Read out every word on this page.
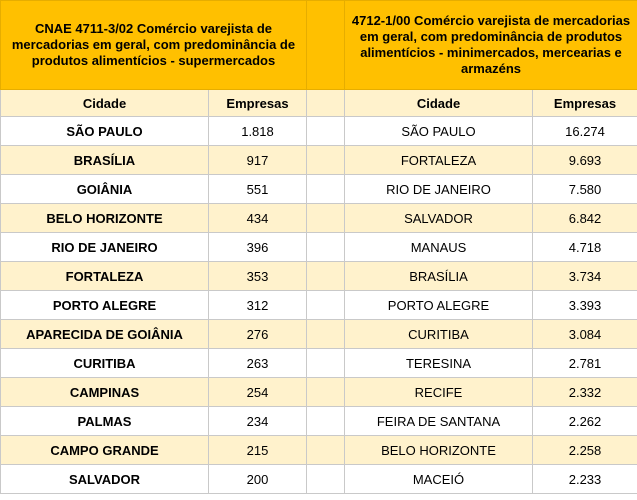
CNAE 4711-3/02 Comércio varejista de mercadorias em geral, com predominância de produtos alimentícios - supermercados			4712-1/00 Comércio varejista de mercadorias em geral, com predominância de produtos alimentícios - minimercados, mercearias e armazéns	

Cidade	Empresas		Cidade	Empresas
SÃO PAULO	1.818		SÃO PAULO	16.274
BRASÍLIA	917		FORTALEZA	9.693
GOIÂNIA	551		RIO DE JANEIRO	7.580
BELO HORIZONTE	434		SALVADOR	6.842
RIO DE JANEIRO	396		MANAUS	4.718
FORTALEZA	353		BRASÍLIA	3.734
PORTO ALEGRE	312		PORTO ALEGRE	3.393
APARECIDA DE GOIÂNIA	276		CURITIBA	3.084
CURITIBA	263		TERESINA	2.781
CAMPINAS	254		RECIFE	2.332
PALMAS	234		FEIRA DE SANTANA	2.262
CAMPO GRANDE	215		BELO HORIZONTE	2.258
SALVADOR	200		MACEIÓ	2.233
